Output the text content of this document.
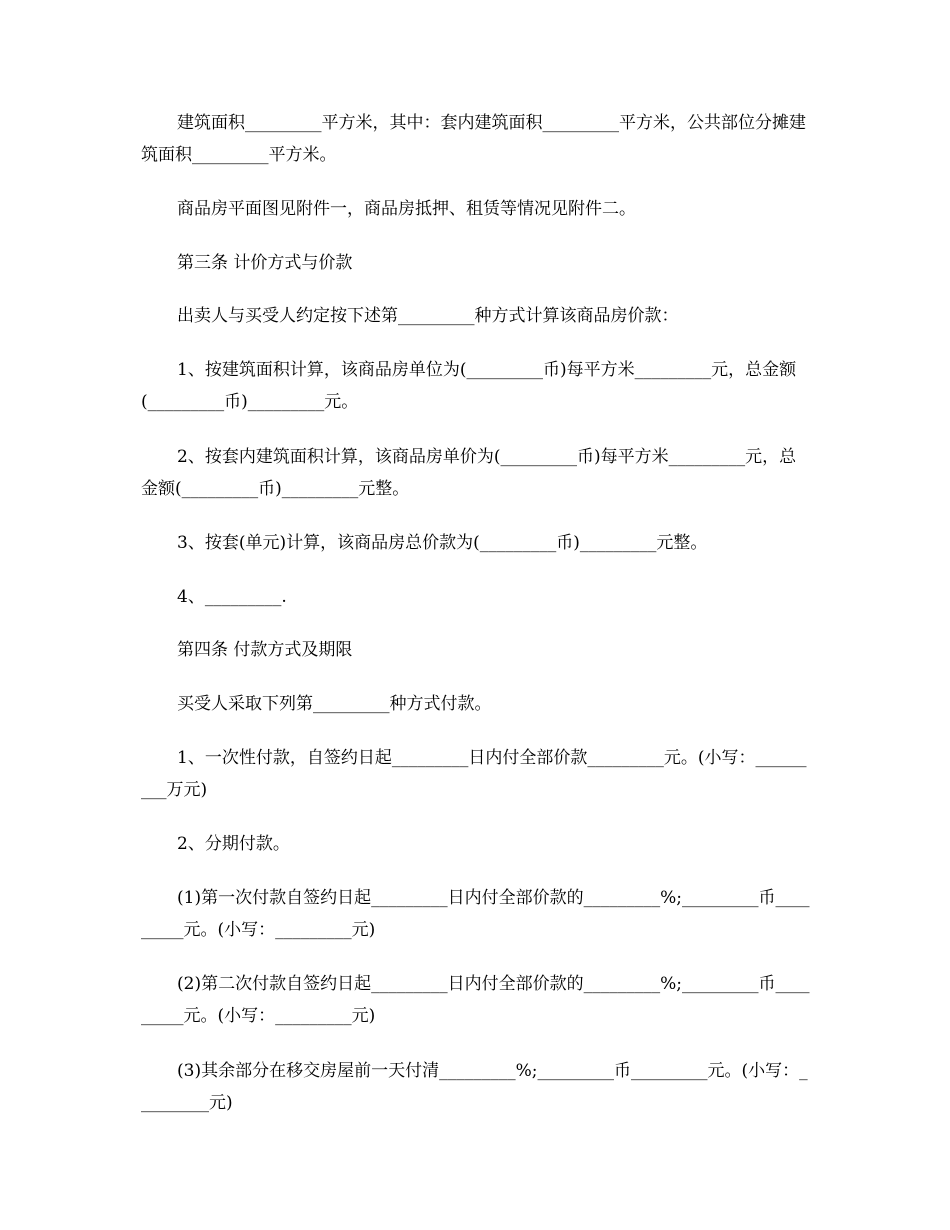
建筑面积_________平方米，其中：套内建筑面积_________平方米，公共部位分摊建筑面积_________平方米。

商品房平面图见附件一，商品房抵押、租赁等情况见附件二。

第三条 计价方式与价款

出卖人与买受人约定按下述第_________种方式计算该商品房价款：

1、按建筑面积计算，该商品房单位为(_________币)每平方米_________元，总金额(_________币)_________元。

2、按套内建筑面积计算，该商品房单价为(_________币)每平方米_________元，总金额(_________币)_________元整。

3、按套(单元)计算，该商品房总价款为(_________币)_________元整。

4、_________.

第四条 付款方式及期限

买受人采取下列第_________种方式付款。

1、一次性付款，自签约日起_________日内付全部价款_________元。(小写：_________万元)

2、分期付款。

(1)第一次付款自签约日起_________日内付全部价款的_________%;_________币_________元。(小写：_________元)

(2)第二次付款自签约日起_________日内付全部价款的_________%;_________币_________元。(小写：_________元)

(3)其余部分在移交房屋前一天付清_________%;_________币_________元。(小写：_________元)
